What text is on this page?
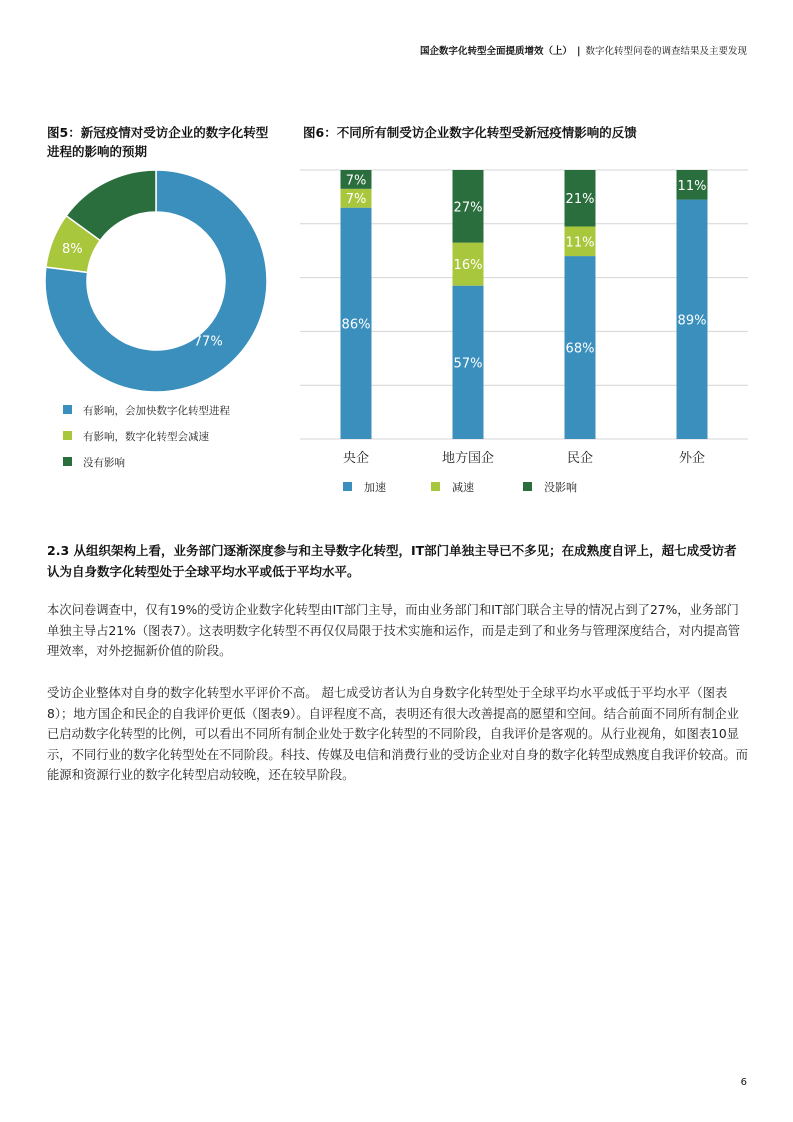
国企数字化转型全面提质增效（上） | 数字化转型问卷的调查结果及主要发现
图5：新冠疫情对受访企业的数字化转型进程的影响的预期
图6：不同所有制受访企业数字化转型受新冠疫情影响的反馈
77%
8%
有影响，会加快数字化转型进程
有影响，数字化转型会减速
没有影响
86%
7%
7%
央企
57%
16%
27%
地方国企
68%
11%
21%
民企
89%
11%
外企
加速	减速	没影响
2.3 从组织架构上看，业务部门逐渐深度参与和主导数字化转型，IT部门单独主导已不多见；在成熟度自评上，超七成受访者认为自身数字化转型处于全球平均水平或低于平均水平。

本次问卷调查中，仅有19%的受访企业数字化转型由IT部门主导，而由业务部门和IT部门联合主导的情况占到了27%，业务部门单独主导占21%（图表7）。这表明数字化转型不再仅仅局限于技术实施和运作，而是走到了和业务与管理深度结合，对内提高管理效率，对外挖掘新价值的阶段。

受访企业整体对自身的数字化转型水平评价不高。 超七成受访者认为自身数字化转型处于全球平均水平或低于平均水平（图表8）；地方国企和民企的自我评价更低（图表9）。自评程度不高，表明还有很大改善提高的愿望和空间。结合前面不同所有制企业已启动数字化转型的比例，可以看出不同所有制企业处于数字化转型的不同阶段，自我评价是客观的。从行业视角，如图表10显示，不同行业的数字化转型处在不同阶段。科技、传媒及电信和消费行业的受访企业对自身的数字化转型成熟度自我评价较高。而能源和资源行业的数字化转型启动较晚，还在较早阶段。

6
